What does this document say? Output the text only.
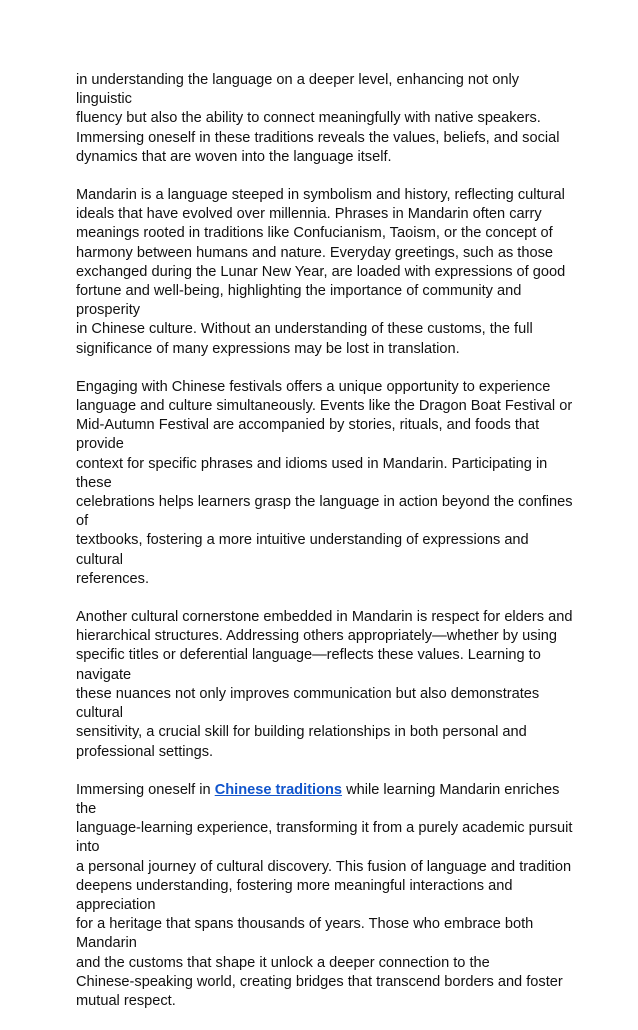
in understanding the language on a deeper level, enhancing not only linguistic
fluency but also the ability to connect meaningfully with native speakers.
Immersing oneself in these traditions reveals the values, beliefs, and social
dynamics that are woven into the language itself.

Mandarin is a language steeped in symbolism and history, reflecting cultural
ideals that have evolved over millennia. Phrases in Mandarin often carry
meanings rooted in traditions like Confucianism, Taoism, or the concept of
harmony between humans and nature. Everyday greetings, such as those
exchanged during the Lunar New Year, are loaded with expressions of good
fortune and well-being, highlighting the importance of community and prosperity
in Chinese culture. Without an understanding of these customs, the full
significance of many expressions may be lost in translation.

Engaging with Chinese festivals offers a unique opportunity to experience
language and culture simultaneously. Events like the Dragon Boat Festival or
Mid-Autumn Festival are accompanied by stories, rituals, and foods that provide
context for specific phrases and idioms used in Mandarin. Participating in these
celebrations helps learners grasp the language in action beyond the confines of
textbooks, fostering a more intuitive understanding of expressions and cultural
references.

Another cultural cornerstone embedded in Mandarin is respect for elders and
hierarchical structures. Addressing others appropriately—whether by using
specific titles or deferential language—reflects these values. Learning to navigate
these nuances not only improves communication but also demonstrates cultural
sensitivity, a crucial skill for building relationships in both personal and
professional settings.

Immersing oneself in Chinese traditions while learning Mandarin enriches the
language-learning experience, transforming it from a purely academic pursuit into
a personal journey of cultural discovery. This fusion of language and tradition
deepens understanding, fostering more meaningful interactions and appreciation
for a heritage that spans thousands of years. Those who embrace both Mandarin
and the customs that shape it unlock a deeper connection to the
Chinese-speaking world, creating bridges that transcend borders and foster
mutual respect.
